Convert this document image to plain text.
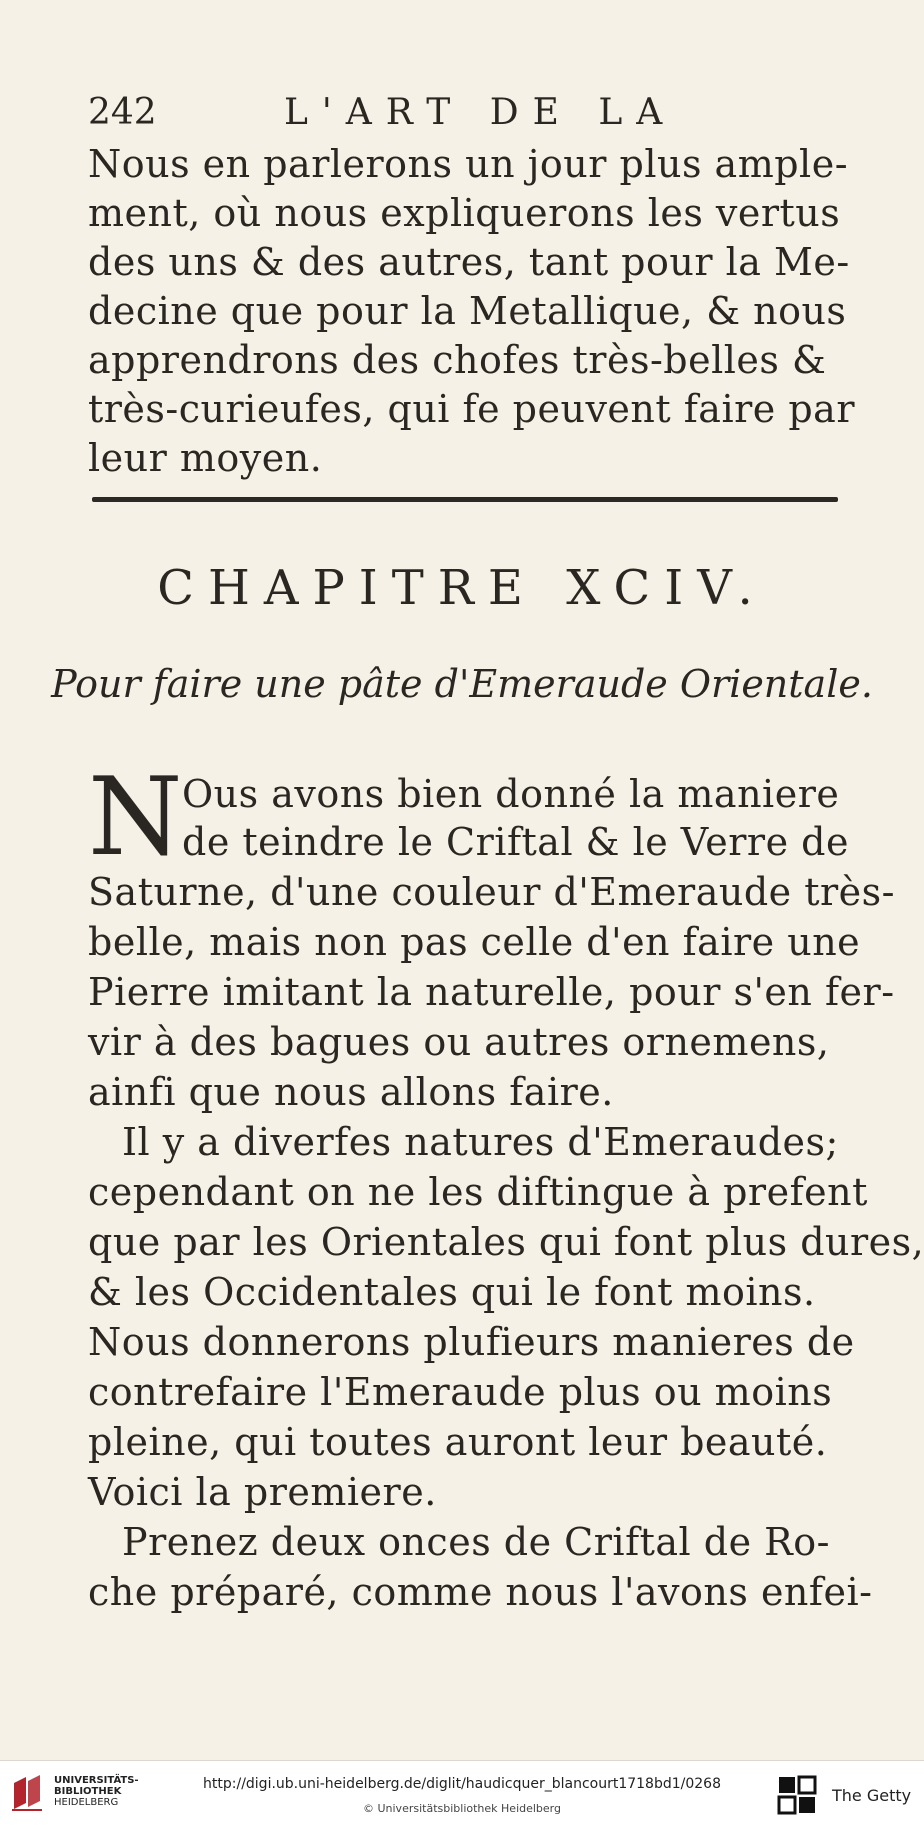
242	L'ART DE LA

Nous en parlerons un jour plus ample-

ment, où nous expliquerons les vertus

des uns & des autres, tant pour la Me-

decine que pour la Metallique, & nous

apprendrons des chofes très-belles &

très-curieufes, qui fe peuvent faire par

leur moyen.

CHAPITRE XCIV.
Pour faire une pâte d'Emeraude Orientale.
N Ous avons bien donné la maniere

de teindre le Criftal & le Verre de

Saturne, d'une couleur d'Emeraude très-

belle, mais non pas celle d'en faire une

Pierre imitant la naturelle, pour s'en fer-

vir à des bagues ou autres ornemens,

ainfi que nous allons faire.

Il y a diverfes natures d'Emeraudes;

cependant on ne les diftingue à prefent

que par les Orientales qui font plus dures,

& les Occidentales qui le font moins.

Nous donnerons plufieurs manieres de

contrefaire l'Emeraude plus ou moins

pleine, qui toutes auront leur beauté.

Voici la premiere.

Prenez deux onces de Criftal de Ro-

che préparé, comme nous l'avons enfei-

UNIVERSITÄTS-
BIBLIOTHEK
HEIDELBERG
http://digi.ub.uni-heidelberg.de/diglit/haudicquer_blancourt1718bd1/0268
© Universitätsbibliothek Heidelberg
The Getty
